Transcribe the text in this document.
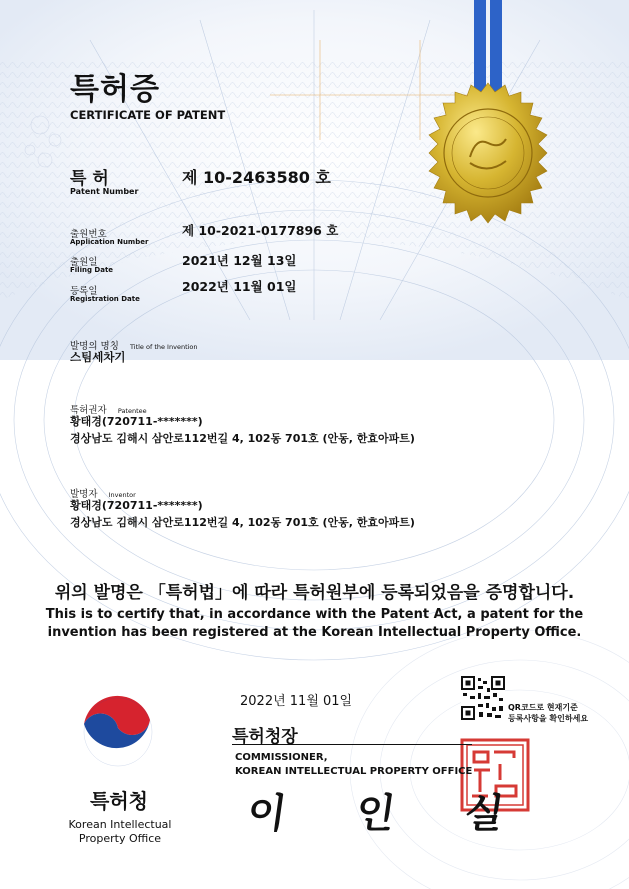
특허증
CERTIFICATE OF PATENT
특 허
Patent Number
제 10-2463580 호
출원번호
Application Number
제 10-2021-0177896 호
출원일
Filing Date
2021년 12월 13일
등록일
Registration Date
2022년 11월 01일
발명의 명칭 Title of the Invention
스팀세차기
특허권자 Patentee
황태경(720711-*******)
경상남도 김해시 삼안로112번길 4, 102동 701호 (안동, 한효아파트)
발명자 Inventor
황태경(720711-*******)
경상남도 김해시 삼안로112번길 4, 102동 701호 (안동, 한효아파트)
위의 발명은 「특허법」에 따라 특허원부에 등록되었음을 증명합니다.
This is to certify that, in accordance with the Patent Act, a patent for the
invention has been registered at the Korean Intellectual Property Office.
2022년 11월 01일	QR코드로 현재기준
등록사항을 확인하세요
특허청장
COMMISSIONER,
KOREAN INTELLECTUAL PROPERTY OFFICE
이 인 실
특허청
Korean Intellectual
Property Office
